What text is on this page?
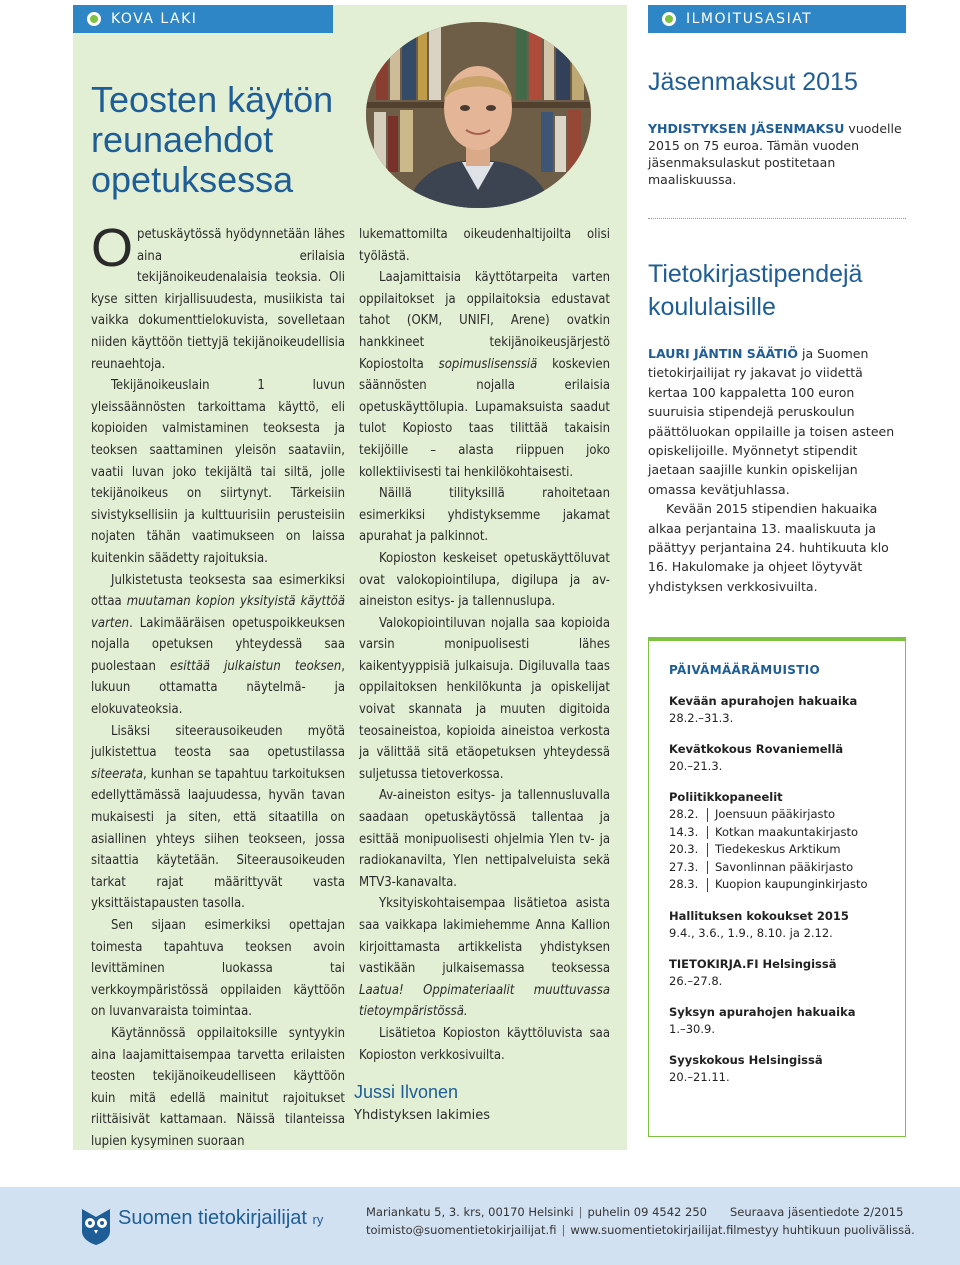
KOVA LAKI	ILMOITUSASIAT
Teosten käytön
reunaehdot
opetuksessa

Opetuskäytössä hyödynnetään lähes aina erilaisia tekijänoikeudenalaisia teoksia. Oli kyse sitten kirjallisuudesta, musiikista tai vaikka dokumenttielokuvista, sovelletaan niiden käyttöön tiettyjä tekijänoikeudellisia reunaehtoja.

Tekijänoikeuslain 1 luvun yleissäännösten tarkoittama käyttö, eli kopioiden valmistaminen teoksesta ja teoksen saattaminen yleisön saataviin, vaatii luvan joko tekijältä tai siltä, jolle tekijänoikeus on siirtynyt. Tärkeisiin sivistyksellisiin ja kulttuurisiin perusteisiin nojaten tähän vaatimukseen on laissa kuitenkin säädetty rajoituksia.

Julkistetusta teoksesta saa esimerkiksi ottaa muutaman kopion yksityistä käyttöä varten. Lakimääräisen opetuspoikkeuksen nojalla opetuksen yhteydessä saa puolestaan esittää julkaistun teoksen, lukuun ottamatta näytelmä- ja elokuvateoksia.

Lisäksi siteerausoikeuden myötä julkistettua teosta saa opetustilassa siteerata, kunhan se tapahtuu tarkoituksen edellyttämässä laajuudessa, hyvän tavan mukaisesti ja siten, että sitaatilla on asiallinen yhteys siihen teokseen, jossa sitaattia käytetään. Siteerausoikeuden tarkat rajat määrittyvät vasta yksittäistapausten tasolla.

Sen sijaan esimerkiksi opettajan toimesta tapahtuva teoksen avoin levittäminen luokassa tai verkkoympäristössä oppilaiden käyttöön on luvanvaraista toimintaa.

Käytännössä oppilaitoksille syntyykin aina laajamittaisempaa tarvetta erilaisten teosten tekijänoikeudelliseen käyttöön kuin mitä edellä mainitut rajoitukset riittäisivät kattamaan. Näissä tilanteissa lupien kysyminen suoraan

lukemattomilta oikeudenhaltijoilta olisi työlästä.

Laajamittaisia käyttötarpeita varten oppilaitokset ja oppilaitoksia edustavat tahot (OKM, UNIFI, Arene) ovatkin hankkineet tekijänoikeusjärjestö Kopiostolta sopimuslisenssiä koskevien säännösten nojalla erilaisia opetuskäyttölupia. Lupamaksuista saadut tulot Kopiosto taas tilittää takaisin tekijöille – alasta riippuen joko kollektiivisesti tai henkilökohtaisesti.

Näillä tilityksillä rahoitetaan esimerkiksi yhdistyksemme jakamat apurahat ja palkinnot.

Kopioston keskeiset opetuskäyttöluvat ovat valokopiointilupa, digilupa ja av-aineiston esitys- ja tallennuslupa.

Valokopiointiluvan nojalla saa kopioida varsin monipuolisesti lähes kaikentyyppisiä julkaisuja. Digiluvalla taas oppilaitoksen henkilökunta ja opiskelijat voivat skannata ja muuten digitoida teosaineistoa, kopioida aineistoa verkosta ja välittää sitä etäopetuksen yhteydessä suljetussa tietoverkossa.

Av-aineiston esitys- ja tallennusluvalla saadaan opetuskäytössä tallentaa ja esittää monipuolisesti ohjelmia Ylen tv- ja radiokanavilta, Ylen nettipalveluista sekä MTV3-kanavalta.

Yksityiskohtaisempaa lisätietoa asista saa vaikkapa lakimiehemme Anna Kallion kirjoittamasta artikkelista yhdistyksen vastikään julkaisemassa teoksessa Laatua! Oppimateriaalit muuttuvassa tietoympäristössä.

Lisätietoa Kopioston käyttöluvista saa Kopioston verkkosivuilta.

Jussi Ilvonen
Yhdistyksen lakimies
Jäsenmaksut 2015
YHDISTYKSEN JÄSENMAKSU vuodelle 2015 on 75 euroa. Tämän vuoden jäsenmaksulaskut postitetaan maaliskuussa.
Tietokirjastipendejä
koululaisille

LAURI JÄNTIN SÄÄTIÖ ja Suomen tietokirjailijat ry jakavat jo viidettä kertaa 100 kappaletta 100 euron suuruisia stipendejä peruskoulun päättöluokan oppilaille ja toisen asteen opiskelijoille. Myönnetyt stipendit jaetaan saajille kunkin opiskelijan omassa kevätjuhlassa.

Kevään 2015 stipendien hakuaika alkaa perjantaina 13. maaliskuuta ja päättyy perjantaina 24. huhtikuuta klo 16. Hakulomake ja ohjeet löytyvät yhdistyksen verkkosivuilta.

PÄIVÄMÄÄRÄMUISTIO
Kevään apurahojen hakuaika
28.2.–31.3.
Kevätkokous Rovaniemellä
20.–21.3.
Poliitikkopaneelit
28.2.	Joensuun pääkirjasto
14.3.	Kotkan maakuntakirjasto
20.3.	Tiedekeskus Arktikum
27.3.	Savonlinnan pääkirjasto
28.3.	Kuopion kaupunginkirjasto
Hallituksen kokoukset 2015
9.4., 3.6., 1.9., 8.10. ja 2.12.
TIETOKIRJA.FI Helsingissä
26.–27.8.
Syksyn apurahojen hakuaika
1.–30.9.
Syyskokous Helsingissä
20.–21.11.
Suomen tietokirjailijat ry	Mariankatu 5, 3. krs, 00170 Helsinki | puhelin 09 4542 250
toimisto@suomentietokirjailijat.fi | www.suomentietokirjailijat.fi
Seuraava jäsentiedote 2/2015
ilmestyy huhtikuun puolivälissä.
